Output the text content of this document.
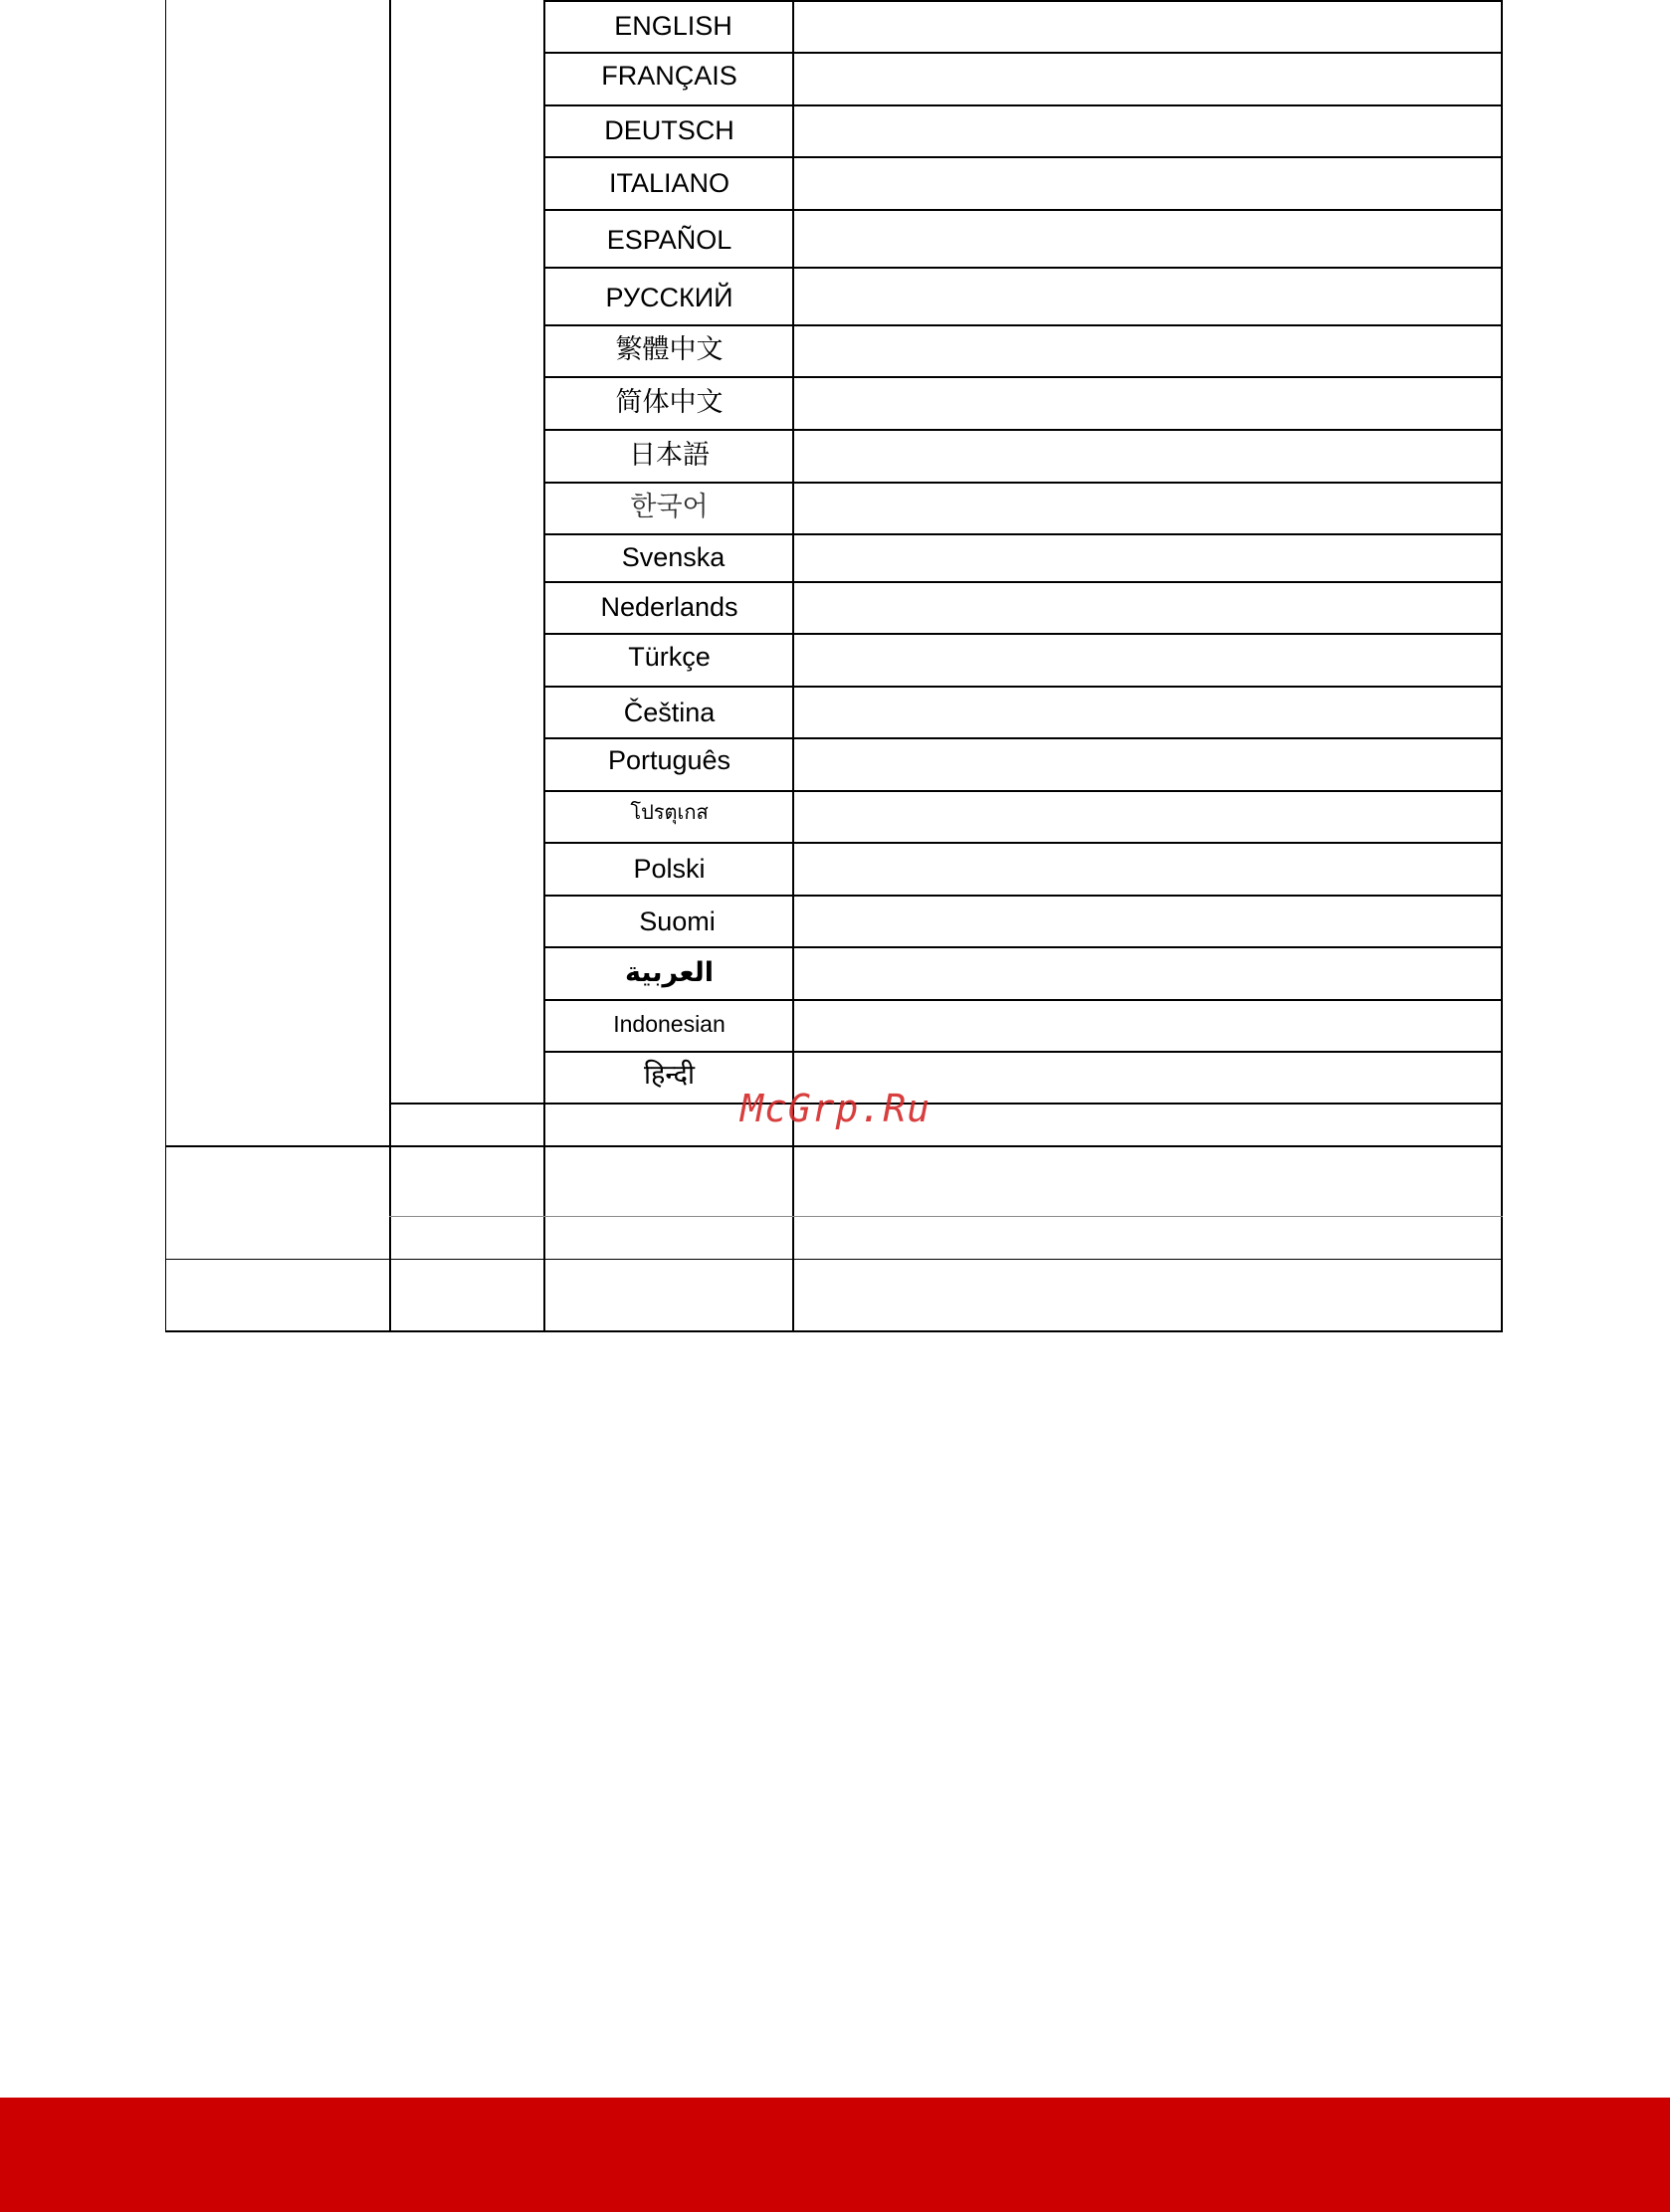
ENGLISH
FRANÇAIS
DEUTSCH
ITALIANO
ESPAÑOL
РУССКИЙ
繁體中文
简体中文
日本語
한국어
Svenska
Nederlands
Türkçe
Čeština
Português
โปรตุเกส
Polski
Suomi
العربية
Indonesian
हिन्दी
McGrp.Ru
